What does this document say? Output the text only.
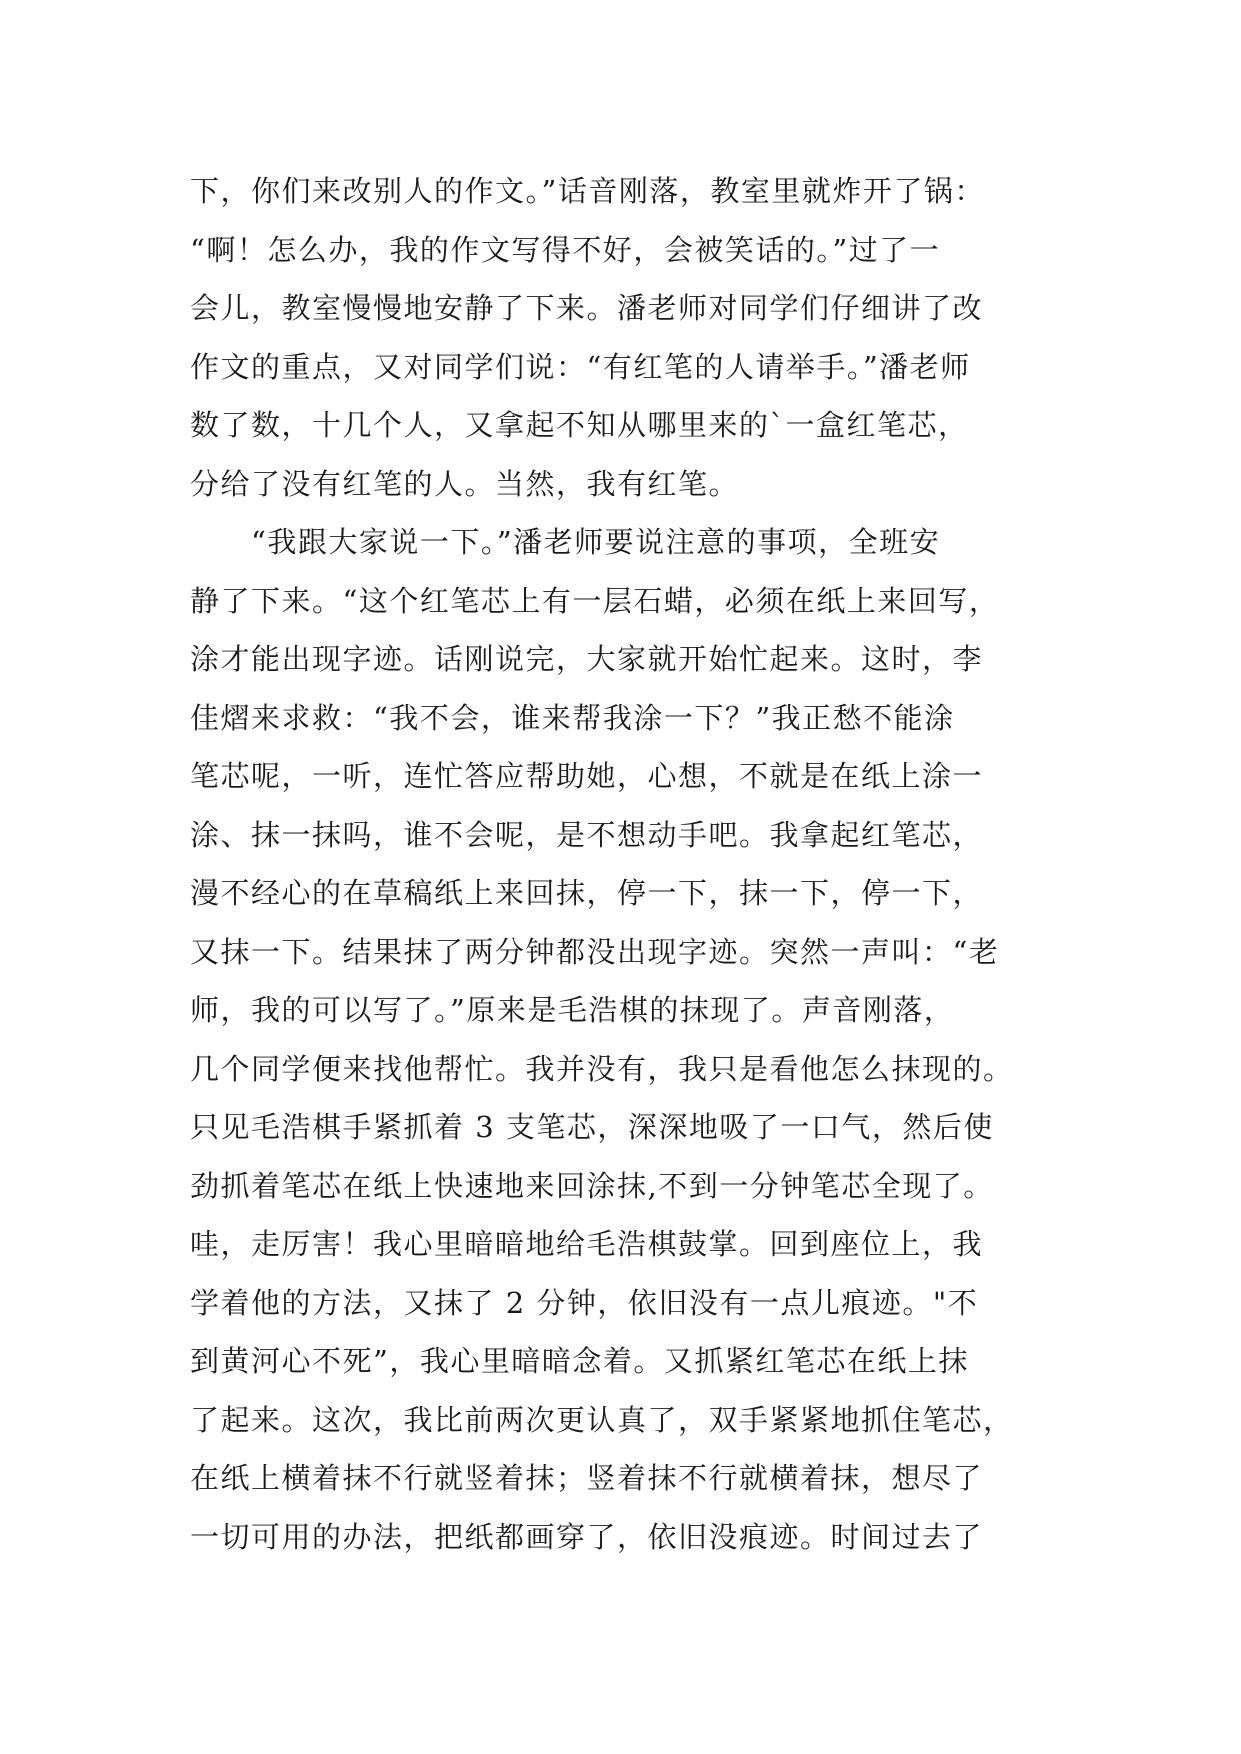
下，你们来改别人的作文。”话音刚落，教室里就炸开了锅：
“啊！怎么办，我的作文写得不好，会被笑话的。”过了一
会儿，教室慢慢地安静了下来。潘老师对同学们仔细讲了改
作文的重点，又对同学们说：“有红笔的人请举手。”潘老师
数了数，十几个人，又拿起不知从哪里来的`一盒红笔芯，
分给了没有红笔的人。当然，我有红笔。
　　“我跟大家说一下。”潘老师要说注意的事项，全班安
静了下来。“这个红笔芯上有一层石蜡，必须在纸上来回写，
涂才能出现字迹。话刚说完，大家就开始忙起来。这时，李
佳熠来求救：“我不会，谁来帮我涂一下？”我正愁不能涂
笔芯呢，一听，连忙答应帮助她，心想，不就是在纸上涂一
涂、抹一抹吗，谁不会呢，是不想动手吧。我拿起红笔芯，
漫不经心的在草稿纸上来回抹，停一下，抹一下，停一下，
又抹一下。结果抹了两分钟都没出现字迹。突然一声叫：“老
师，我的可以写了。”原来是毛浩棋的抹现了。声音刚落，
几个同学便来找他帮忙。我并没有，我只是看他怎么抹现的。
只见毛浩棋手紧抓着 3 支笔芯，深深地吸了一口气，然后使
劲抓着笔芯在纸上快速地来回涂抹,不到一分钟笔芯全现了。
哇，走厉害！我心里暗暗地给毛浩棋鼓掌。回到座位上，我
学着他的方法，又抹了 2 分钟，依旧没有一点儿痕迹。"不
到黄河心不死”，我心里暗暗念着。又抓紧红笔芯在纸上抹
了起来。这次，我比前两次更认真了，双手紧紧地抓住笔芯，
在纸上横着抹不行就竖着抹；竖着抹不行就横着抹，想尽了
一切可用的办法，把纸都画穿了，依旧没痕迹。时间过去了
